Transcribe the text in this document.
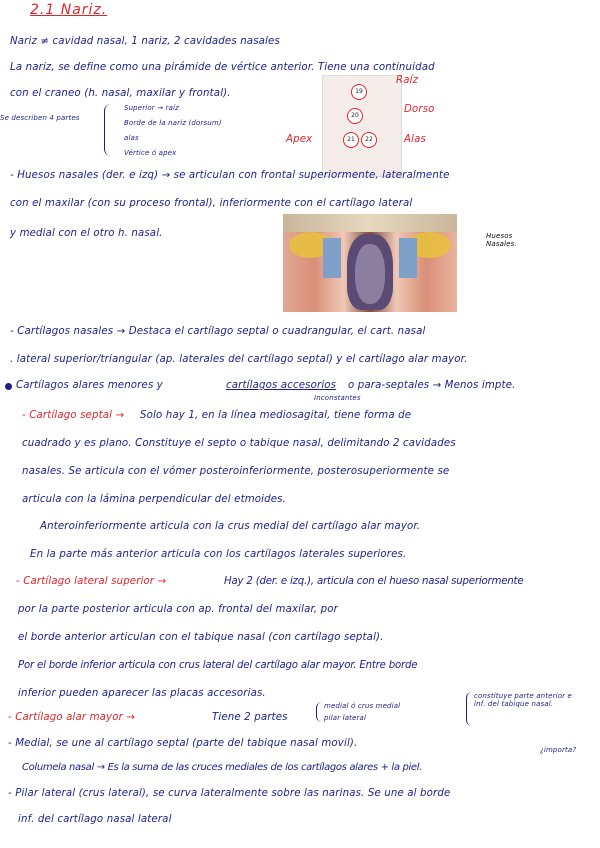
2.1 Nariz.
Nariz ≠ cavidad nasal, 1 nariz, 2 cavidades nasales
La nariz, se define como una pirámide de vértice anterior. Tiene una continuidad
con el craneo (h. nasal, maxilar y frontal).
Se describen 4 partes
Superior → raíz
Borde de la nariz (dorsum)
alas
Vértice ó apex
19
20
21	22
Raíz
Dorso
Apex	Alas
- Huesos nasales (der. e izq) → se articulan con frontal superiormente, lateralmente
con el maxilar (con su proceso frontal), inferiormente con el cartílago lateral
y medial con el otro h. nasal.	Huesos Nasales.
- Cartílagos nasales → Destaca el cartílago septal o cuadrangular, el cart. nasal
. lateral superior/triangular (ap. laterales del cartílago septal) y el cartílago alar mayor.
Cartílagos alares menores y	cartílagos accesorios o para-septales → Menos impte.
Inconstantes
- Cartílago septal → Solo hay 1, en la línea mediosagital, tiene forma de
cuadrado y es plano. Constituye el septo o tabique nasal, delimitando 2 cavidades
nasales. Se articula con el vómer posteroinferiormente, posterosuperiormente se
articula con la lámina perpendicular del etmoides.
Anteroinferiormente articula con la crus medial del cartílago alar mayor.
En la parte más anterior articula con los cartílagos laterales superiores.
- Cartílago lateral superior →	Hay 2 (der. e izq.), articula con el hueso nasal superiormente
por la parte posterior articula con ap. frontal del maxilar, por
el borde anterior articulan con el tabique nasal (con cartílago septal).
Por el borde inferior articula con crus lateral del cartílago alar mayor. Entre borde
inferior pueden aparecer las placas accesorias.
- Cartílago alar mayor →	Tiene 2 partes
medial ó crus medial
pilar lateral
constituye parte anterior e inf. del tabique nasal.
- Medial, se une al cartílago septal (parte del tabique nasal movil).
¿importa?
Columela nasal → Es la suma de las cruces mediales de los cartílagos alares + la piel.
- Pilar lateral (crus lateral), se curva lateralmente sobre las narinas. Se une al borde
inf. del cartílago nasal lateral
